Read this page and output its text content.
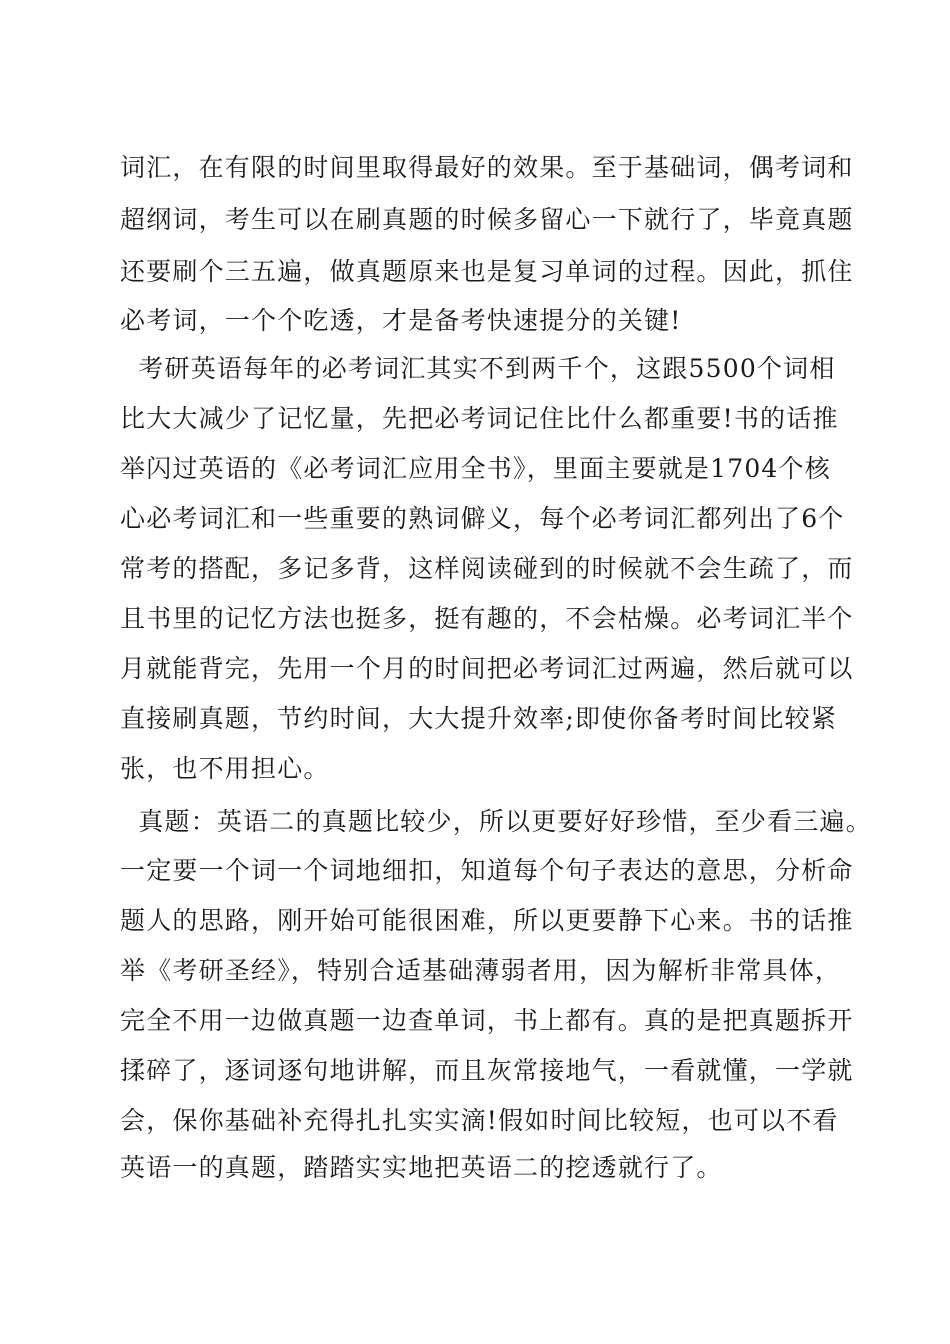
词汇，在有限的时间里取得最好的效果。至于基础词，偶考词和

超纲词，考生可以在刷真题的时候多留心一下就行了，毕竟真题

还要刷个三五遍，做真题原来也是复习单词的过程。因此，抓住

必考词，一个个吃透，才是备考快速提分的关键!

考研英语每年的必考词汇其实不到两千个，这跟5500个词相

比大大减少了记忆量，先把必考词记住比什么都重要!书的话推

举闪过英语的《必考词汇应用全书》，里面主要就是1704个核

心必考词汇和一些重要的熟词僻义，每个必考词汇都列出了6个

常考的搭配，多记多背，这样阅读碰到的时候就不会生疏了，而

且书里的记忆方法也挺多，挺有趣的，不会枯燥。必考词汇半个

月就能背完，先用一个月的时间把必考词汇过两遍，然后就可以

直接刷真题，节约时间，大大提升效率;即使你备考时间比较紧

张，也不用担心。

真题：英语二的真题比较少，所以更要好好珍惜，至少看三遍。

一定要一个词一个词地细扣，知道每个句子表达的意思，分析命

题人的思路，刚开始可能很困难，所以更要静下心来。书的话推

举《考研圣经》，特别合适基础薄弱者用，因为解析非常具体，

完全不用一边做真题一边查单词，书上都有。真的是把真题拆开

揉碎了，逐词逐句地讲解，而且灰常接地气，一看就懂，一学就

会，保你基础补充得扎扎实实滴!假如时间比较短，也可以不看

英语一的真题，踏踏实实地把英语二的挖透就行了。
